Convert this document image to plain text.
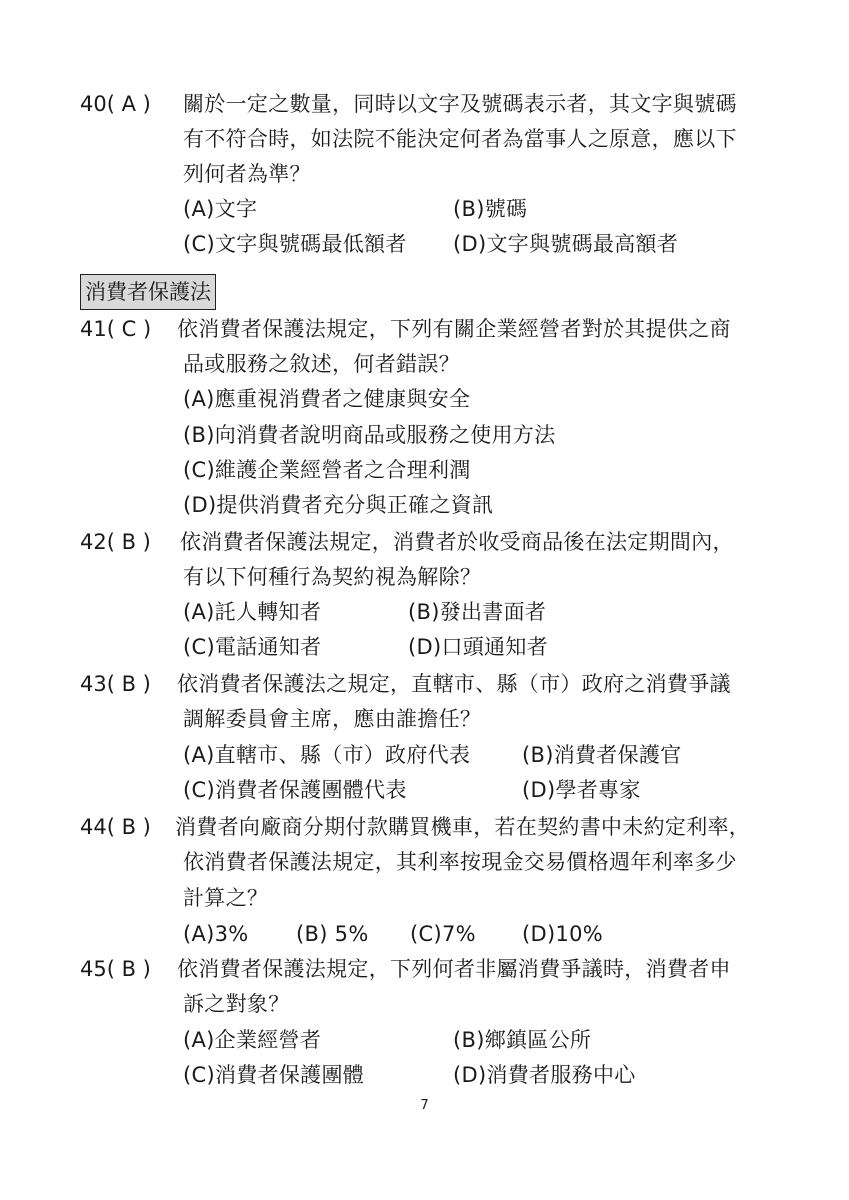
40( A ) 關於一定之數量，同時以文字及號碼表示者，其文字與號碼
有不符合時，如法院不能決定何者為當事人之原意，應以下
列何者為準？
(A)文字	(B)號碼
(C)文字與號碼最低額者 (D)文字與號碼最高額者
消費者保護法
41( C ) 依消費者保護法規定，下列有關企業經營者對於其提供之商
品或服務之敘述，何者錯誤？
(A)應重視消費者之健康與安全
(B)向消費者說明商品或服務之使用方法
(C)維護企業經營者之合理利潤
(D)提供消費者充分與正確之資訊
42( B ) 依消費者保護法規定，消費者於收受商品後在法定期間內，
有以下何種行為契約視為解除？
(A)託人轉知者	(B)發出書面者
(C)電話通知者	(D)口頭通知者
43( B ) 依消費者保護法之規定，直轄市、縣（市）政府之消費爭議
調解委員會主席，應由誰擔任？
(A)直轄市、縣（市）政府代表 (B)消費者保護官
(C)消費者保護團體代表	(D)學者專家
44( B ) 消費者向廠商分期付款購買機車，若在契約書中未約定利率，
依消費者保護法規定，其利率按現金交易價格週年利率多少
計算之？
(A)3% (B) 5% (C)7% (D)10%
45( B ) 依消費者保護法規定，下列何者非屬消費爭議時，消費者申
訴之對象？
(A)企業經營者	(B)鄉鎮區公所
(C)消費者保護團體	(D)消費者服務中心
7
